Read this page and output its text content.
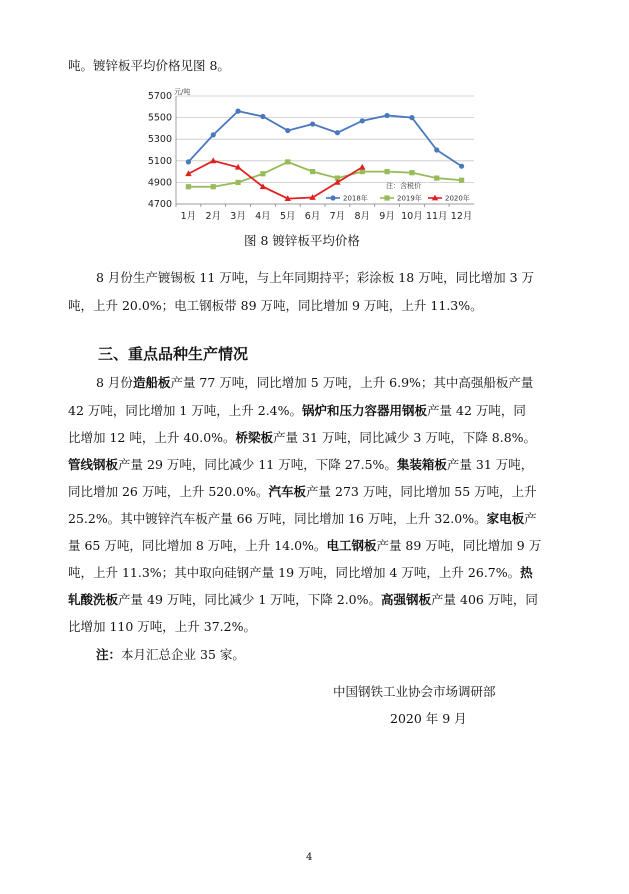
吨。镀锌板平均价格见图 8。
元/吨
4700
4900
5100
5300
5500
5700
1月 2月 3月 4月 5月 6月 7月 8月 9月 10月 11月 12月
注：含税价
2018年	2019年	2020年
图 8 镀锌板平均价格
8 月份生产镀锡板 11 万吨，与上年同期持平；彩涂板 18 万吨，同比增加 3 万
吨，上升 20.0%；电工钢板带 89 万吨，同比增加 9 万吨，上升 11.3%。
三、重点品种生产情况
8 月份造船板产量 77 万吨，同比增加 5 万吨，上升 6.9%；其中高强船板产量
42 万吨，同比增加 1 万吨，上升 2.4%。锅炉和压力容器用钢板产量 42 万吨，同
比增加 12 吨，上升 40.0%。桥梁板产量 31 万吨，同比减少 3 万吨，下降 8.8%。
管线钢板产量 29 万吨，同比减少 11 万吨，下降 27.5%。集装箱板产量 31 万吨，
同比增加 26 万吨，上升 520.0%。汽车板产量 273 万吨，同比增加 55 万吨，上升
25.2%。其中镀锌汽车板产量 66 万吨，同比增加 16 万吨，上升 32.0%。家电板产
量 65 万吨，同比增加 8 万吨，上升 14.0%。电工钢板产量 89 万吨，同比增加 9 万
吨，上升 11.3%；其中取向硅钢产量 19 万吨，同比增加 4 万吨，上升 26.7%。热
轧酸洗板产量 49 万吨，同比减少 1 万吨，下降 2.0%。高强钢板产量 406 万吨，同
比增加 110 万吨，上升 37.2%。
注：本月汇总企业 35 家。
中国钢铁工业协会市场调研部
2020 年 9 月
4
